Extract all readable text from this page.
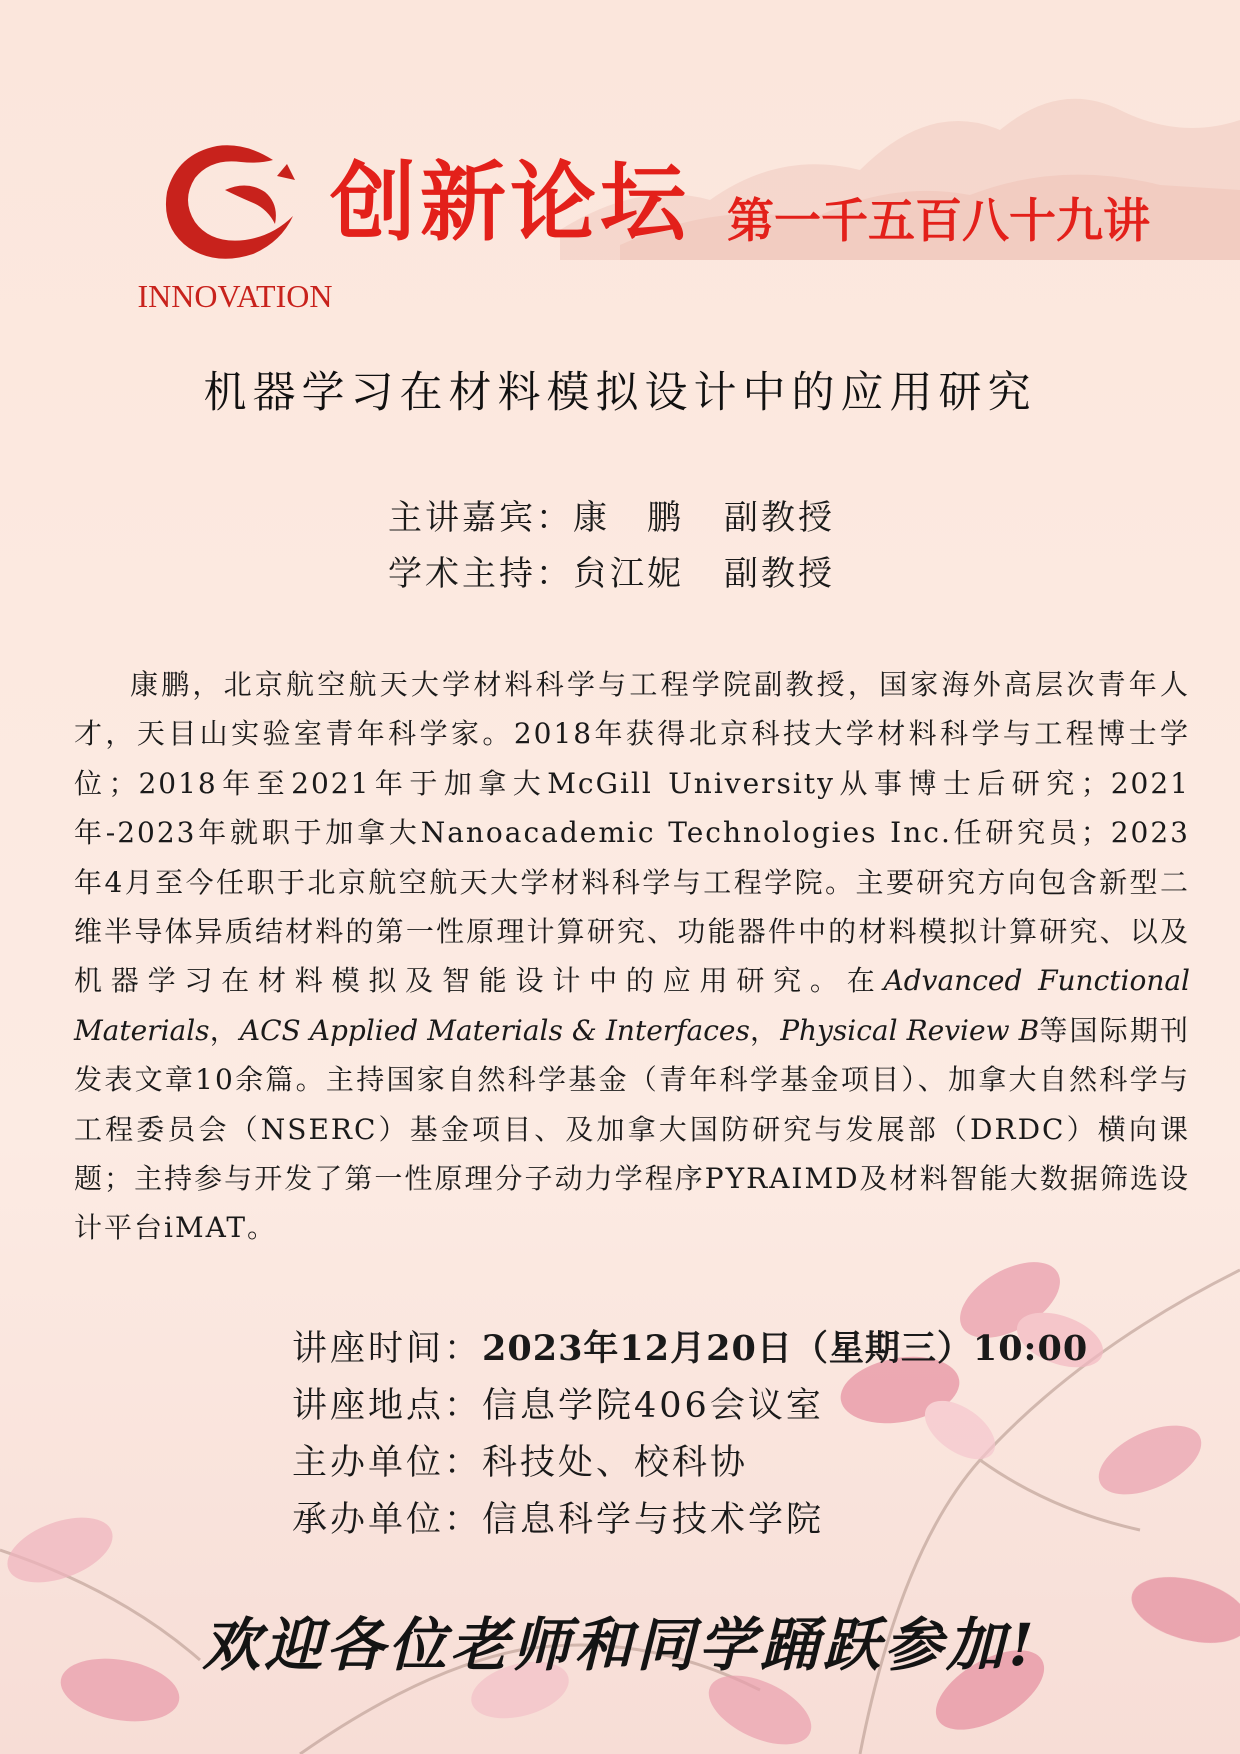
INNOVATION
创新论坛 第一千五百八十九讲
机器学习在材料模拟设计中的应用研究
主讲嘉宾：康　鹏 副教授
学术主持：贠江妮 副教授
康鹏，北京航空航天大学材料科学与工程学院副教授，国家海外高层次青年人才，天目山实验室青年科学家。2018年获得北京科技大学材料科学与工程博士学位；2018年至2021年于加拿大McGill University从事博士后研究；2021年-2023年就职于加拿大Nanoacademic Technologies Inc.任研究员；2023年4月至今任职于北京航空航天大学材料科学与工程学院。主要研究方向包含新型二维半导体异质结材料的第一性原理计算研究、功能器件中的材料模拟计算研究、以及机器学习在材料模拟及智能设计中的应用研究。在Advanced Functional Materials，ACS Applied Materials & Interfaces，Physical Review B等国际期刊发表文章10余篇。主持国家自然科学基金（青年科学基金项目）、加拿大自然科学与工程委员会（NSERC）基金项目、及加拿大国防研究与发展部（DRDC）横向课题；主持参与开发了第一性原理分子动力学程序PYRAIMD及材料智能大数据筛选设计平台iMAT。
讲座时间：2023年12月20日（星期三）10:00
讲座地点：信息学院406会议室
主办单位：科技处、校科协
承办单位：信息科学与技术学院
欢迎各位老师和同学踊跃参加!
